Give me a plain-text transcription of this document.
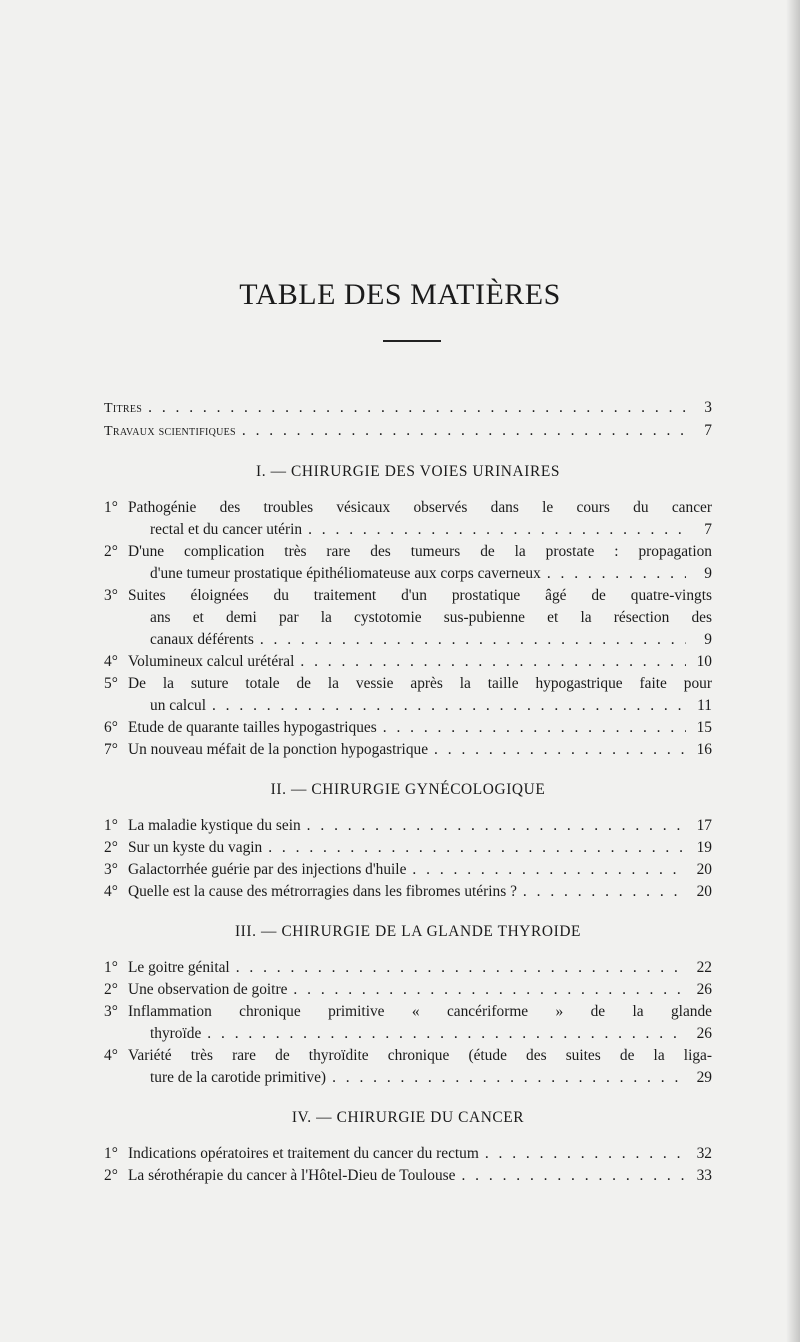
TABLE DES MATIÈRES
Titres . . .	3
Travaux scientifiques . . .	7
I. — CHIRURGIE DES VOIES URINAIRES
1° Pathogénie des troubles vésicaux observés dans le cours du cancer
rectal et du cancer utérin . . .	7
2° D'une complication très rare des tumeurs de la prostate : propagation
d'une tumeur prostatique épithéliomateuse aux corps caverneux . . .	9
3° Suites éloignées du traitement d'un prostatique âgé de quatre-vingts
ans et demi par la cystotomie sus-pubienne et la résection des
canaux déférents . . .	9
4° Volumineux calcul urétéral . . .	10
5° De la suture totale de la vessie après la taille hypogastrique faite pour
un calcul . . .	11
6° Etude de quarante tailles hypogastriques . . .	15
7° Un nouveau méfait de la ponction hypogastrique . . .	16
II. — CHIRURGIE GYNÉCOLOGIQUE
1° La maladie kystique du sein . . .	17
2° Sur un kyste du vagin . . .	19
3° Galactorrhée guérie par des injections d'huile . . .	20
4° Quelle est la cause des métrorragies dans les fibromes utérins ? . . .	20
III. — CHIRURGIE DE LA GLANDE THYROIDE
1° Le goitre génital . . .	22
2° Une observation de goitre . . .	26
3° Inflammation chronique primitive « cancériforme » de la glande
thyroïde . . .	26
4° Variété très rare de thyroïdite chronique (étude des suites de la liga-
ture de la carotide primitive) . . .	29
IV. — CHIRURGIE DU CANCER
1° Indications opératoires et traitement du cancer du rectum . . .	32
2° La sérothérapie du cancer à l'Hôtel-Dieu de Toulouse . . .	33
